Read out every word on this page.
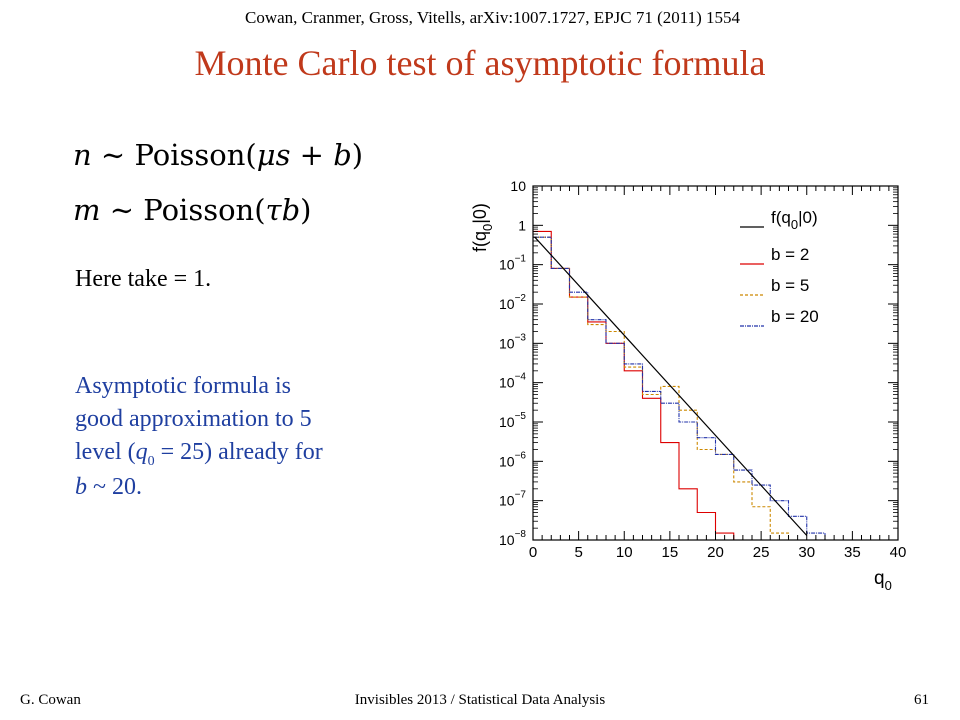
Cowan, Cranmer, Gross, Vitells, arXiv:1007.1727, EPJC 71 (2011) 1554
Monte Carlo test of asymptotic formula
n ∼ Poisson(μs + b)
m ∼ Poisson(τb)
Here take = 1.
Asymptotic formula is
good approximation to 5
level $(q_0 = 25)$ already for
b ~ 20.
0 5 10 15 20 25 30 35 40
$10^{-8}$
$10^{-7}$
$10^{-6}$
$10^{-5}$
$10^{-4}$
$10^{-3}$
$10^{-2}$
$10^{-1}$
1
10
$q_0$
$f(q_0|0)$	$f(q_0|0)$
b = 2
b = 5
b = 20
G. Cowan	Invisibles 2013 / Statistical Data Analysis	61
